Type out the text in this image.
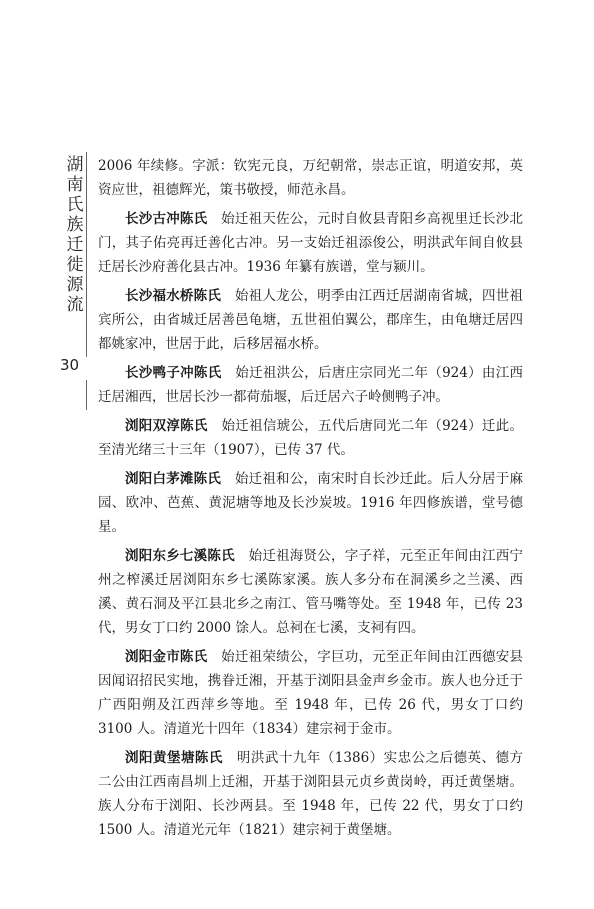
湖
南
氏
族
迁
徙
源
流
30

2006 年续修。字派：钦宪元良，万纪朝常，崇志正谊，明道安邦，英资应世，祖德辉光，策书敬授，师范永昌。

长沙古冲陈氏　始迁祖天佐公，元时自攸县青阳乡高视里迁长沙北门，其子佑亮再迁善化古冲。另一支始迁祖添俊公，明洪武年间自攸县迁居长沙府善化县古冲。1936 年纂有族谱，堂与颍川。

长沙福水桥陈氏　始祖人龙公，明季由江西迁居湖南省城，四世祖宾所公，由省城迁居善邑龟塘，五世祖伯翼公，郡庠生，由龟塘迁居四都姚家冲，世居于此，后移居福水桥。

长沙鸭子冲陈氏　始迁祖洪公，后唐庄宗同光二年（924）由江西迁居湘西，世居长沙一都荷茄堰，后迁居六子岭侧鸭子冲。

浏阳双淳陈氏　始迁祖信琥公，五代后唐同光二年（924）迁此。至清光绪三十三年（1907），已传 37 代。

浏阳白茅滩陈氏　始迁祖和公，南宋时自长沙迁此。后人分居于麻园、欧冲、芭蕉、黄泥塘等地及长沙炭坡。1916 年四修族谱，堂号德星。

浏阳东乡七溪陈氏　始迁祖海贤公，字子祥，元至正年间由江西宁州之榨溪迁居浏阳东乡七溪陈家溪。族人多分布在洞溪乡之兰溪、西溪、黄石洞及平江县北乡之南江、管马嘴等处。至 1948 年，已传 23 代，男女丁口约 2000 馀人。总祠在七溪，支祠有四。

浏阳金市陈氏　始迁祖荣绩公，字巨功，元至正年间由江西德安县因闻诏招民实地，携眷迁湘，开基于浏阳县金声乡金市。族人也分迁于广西阳朔及江西萍乡等地。至 1948 年，已传 26 代，男女丁口约 3100 人。清道光十四年（1834）建宗祠于金市。

浏阳黄堡塘陈氏　明洪武十九年（1386）实忠公之后德英、德方二公由江西南昌圳上迁湘，开基于浏阳县元贞乡黄岗岭，再迁黄堡塘。族人分布于浏阳、长沙两县。至 1948 年，已传 22 代，男女丁口约 1500 人。清道光元年（1821）建宗祠于黄堡塘。
